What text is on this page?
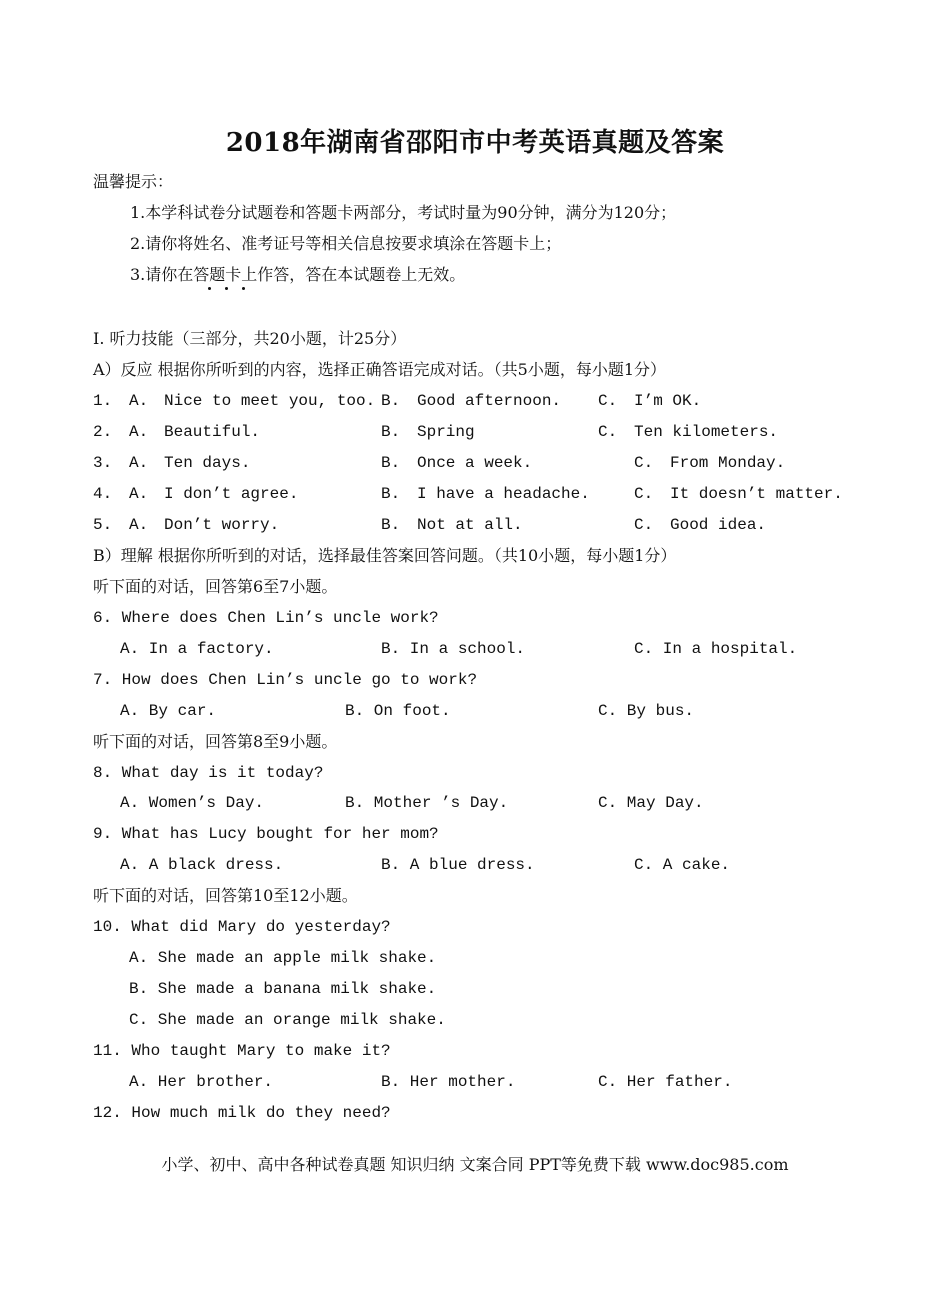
2018年湖南省邵阳市中考英语真题及答案
温馨提示：
1.本学科试卷分试题卷和答题卡两部分，考试时量为90分钟，满分为120分；
2.请你将姓名、准考证号等相关信息按要求填涂在答题卡上；
3.请你在答题卡上作答，答在本试题卷上无效。
Ⅰ. 听力技能（三部分，共20小题，计25分）
A）反应 根据你所听到的内容，选择正确答语完成对话。（共5小题，每小题1分）
1. A. Nice to meet you, too. B. Good afternoon. C. I’m OK.
2. A. Beautiful.	B. Spring	C. Ten kilometers.
3. A. Ten days.	B. Once a week.	C. From Monday.
4. A. I don’t agree.	B. I have a headache.	C. It doesn’t matter.
5. A. Don’t worry.	B. Not at all.	C. Good idea.
B）理解 根据你所听到的对话，选择最佳答案回答问题。（共10小题，每小题1分）
听下面的对话，回答第6至7小题。
6. Where does Chen Lin’s uncle work?
A. In a factory.	B. In a school.	C. In a hospital.
7. How does Chen Lin’s uncle go to work?
A. By car.	B. On foot.	C. By bus.
听下面的对话，回答第8至9小题。
8. What day is it today?
A. Women’s Day.	B. Mother ’s Day.	C. May Day.
9. What has Lucy bought for her mom?
A. A black dress.	B. A blue dress.	C. A cake.
听下面的对话，回答第10至12小题。
10. What did Mary do yesterday?
A. She made an apple milk shake.
B. She made a banana milk shake.
C. She made an orange milk shake.
11. Who taught Mary to make it?
A. Her brother.	B. Her mother.	C. Her father.
12. How much milk do they need?
小学、初中、高中各种试卷真题 知识归纳 文案合同 PPT等免费下载 www.doc985.com
